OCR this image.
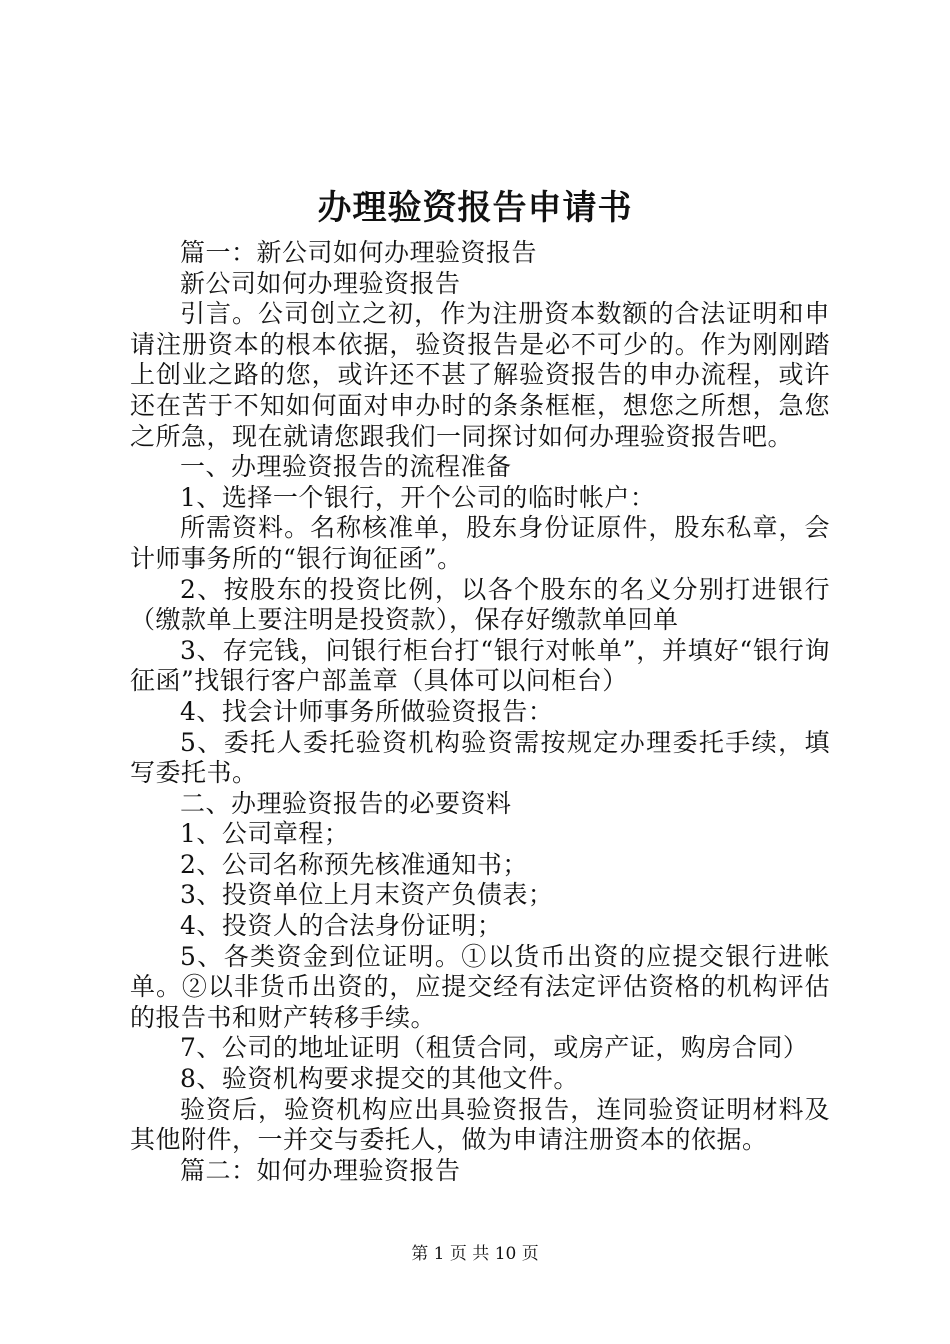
办理验资报告申请书

篇一：新公司如何办理验资报告

新公司如何办理验资报告

引言。公司创立之初，作为注册资本数额的合法证明和申请注册资本的根本依据，验资报告是必不可少的。作为刚刚踏上创业之路的您，或许还不甚了解验资报告的申办流程，或许还在苦于不知如何面对申办时的条条框框，想您之所想，急您之所急，现在就请您跟我们一同探讨如何办理验资报告吧。

一、办理验资报告的流程准备

1、选择一个银行，开个公司的临时帐户：

所需资料。名称核准单，股东身份证原件，股东私章，会计师事务所的“银行询征函”。

2、按股东的投资比例，以各个股东的名义分别打进银行（缴款单上要注明是投资款），保存好缴款单回单

3、存完钱，问银行柜台打“银行对帐单”，并填好“银行询征函”找银行客户部盖章（具体可以问柜台）

4、找会计师事务所做验资报告：

5、委托人委托验资机构验资需按规定办理委托手续，填写委托书。

二、办理验资报告的必要资料

1、公司章程；

2、公司名称预先核准通知书；

3、投资单位上月末资产负债表；

4、投资人的合法身份证明；

5、各类资金到位证明。①以货币出资的应提交银行进帐单。②以非货币出资的，应提交经有法定评估资格的机构评估的报告书和财产转移手续。

7、公司的地址证明（租赁合同，或房产证，购房合同）

8、验资机构要求提交的其他文件。

验资后，验资机构应出具验资报告，连同验资证明材料及其他附件，一并交与委托人，做为申请注册资本的依据。

篇二：如何办理验资报告

第 1 页 共 10 页
